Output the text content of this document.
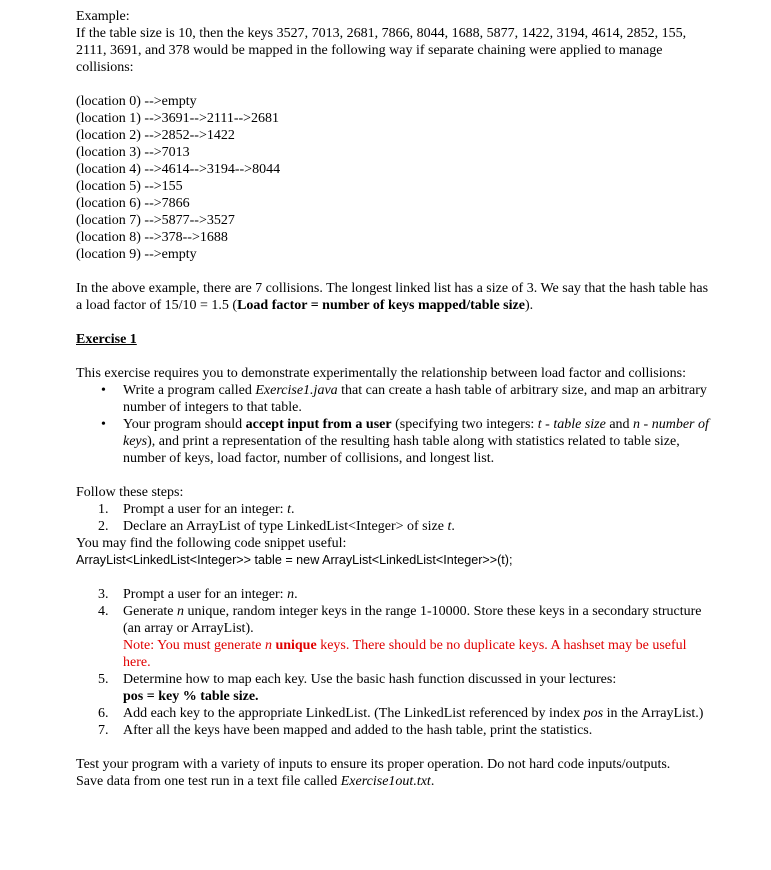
Example:

If the table size is 10, then the keys 3527, 7013, 2681, 7866, 8044, 1688, 5877, 1422, 3194, 4614, 2852, 155, 2111, 3691, and 378 would be mapped in the following way if separate chaining were applied to manage collisions:

(location 0) -->empty
(location 1) -->3691-->2111-->2681
(location 2) -->2852-->1422
(location 3) -->7013
(location 4) -->4614-->3194-->8044
(location 5) -->155
(location 6) -->7866
(location 7) -->5877-->3527
(location 8) -->378-->1688
(location 9) -->empty

In the above example, there are 7 collisions. The longest linked list has a size of 3. We say that the hash table has a load factor of 15/10 = 1.5 (Load factor = number of keys mapped/table size).

Exercise 1

This exercise requires you to demonstrate experimentally the relationship between load factor and collisions:

• Write a program called Exercise1.java that can create a hash table of arbitrary size, and map an arbitrary number of integers to that table.
• Your program should accept input from a user (specifying two integers: t - table size and n - number of keys), and print a representation of the resulting hash table along with statistics related to table size, number of keys, load factor, number of collisions, and longest list.

Follow these steps:

1. Prompt a user for an integer: t.
2. Declare an ArrayList of type LinkedList<Integer> of size t.

You may find the following code snippet useful:

ArrayList<LinkedList<Integer>> table = new ArrayList<LinkedList<Integer>>(t);

3. Prompt a user for an integer: n.
4. Generate n unique, random integer keys in the range 1-10000. Store these keys in a secondary structure (an array or ArrayList).
Note: You must generate n unique keys. There should be no duplicate keys. A hashset may be useful here.
5. Determine how to map each key. Use the basic hash function discussed in your lectures:
pos = key % table size.
6. Add each key to the appropriate LinkedList. (The LinkedList referenced by index pos in the ArrayList.)
7. After all the keys have been mapped and added to the hash table, print the statistics.

Test your program with a variety of inputs to ensure its proper operation. Do not hard code inputs/outputs.

Save data from one test run in a text file called Exercise1out.txt.
